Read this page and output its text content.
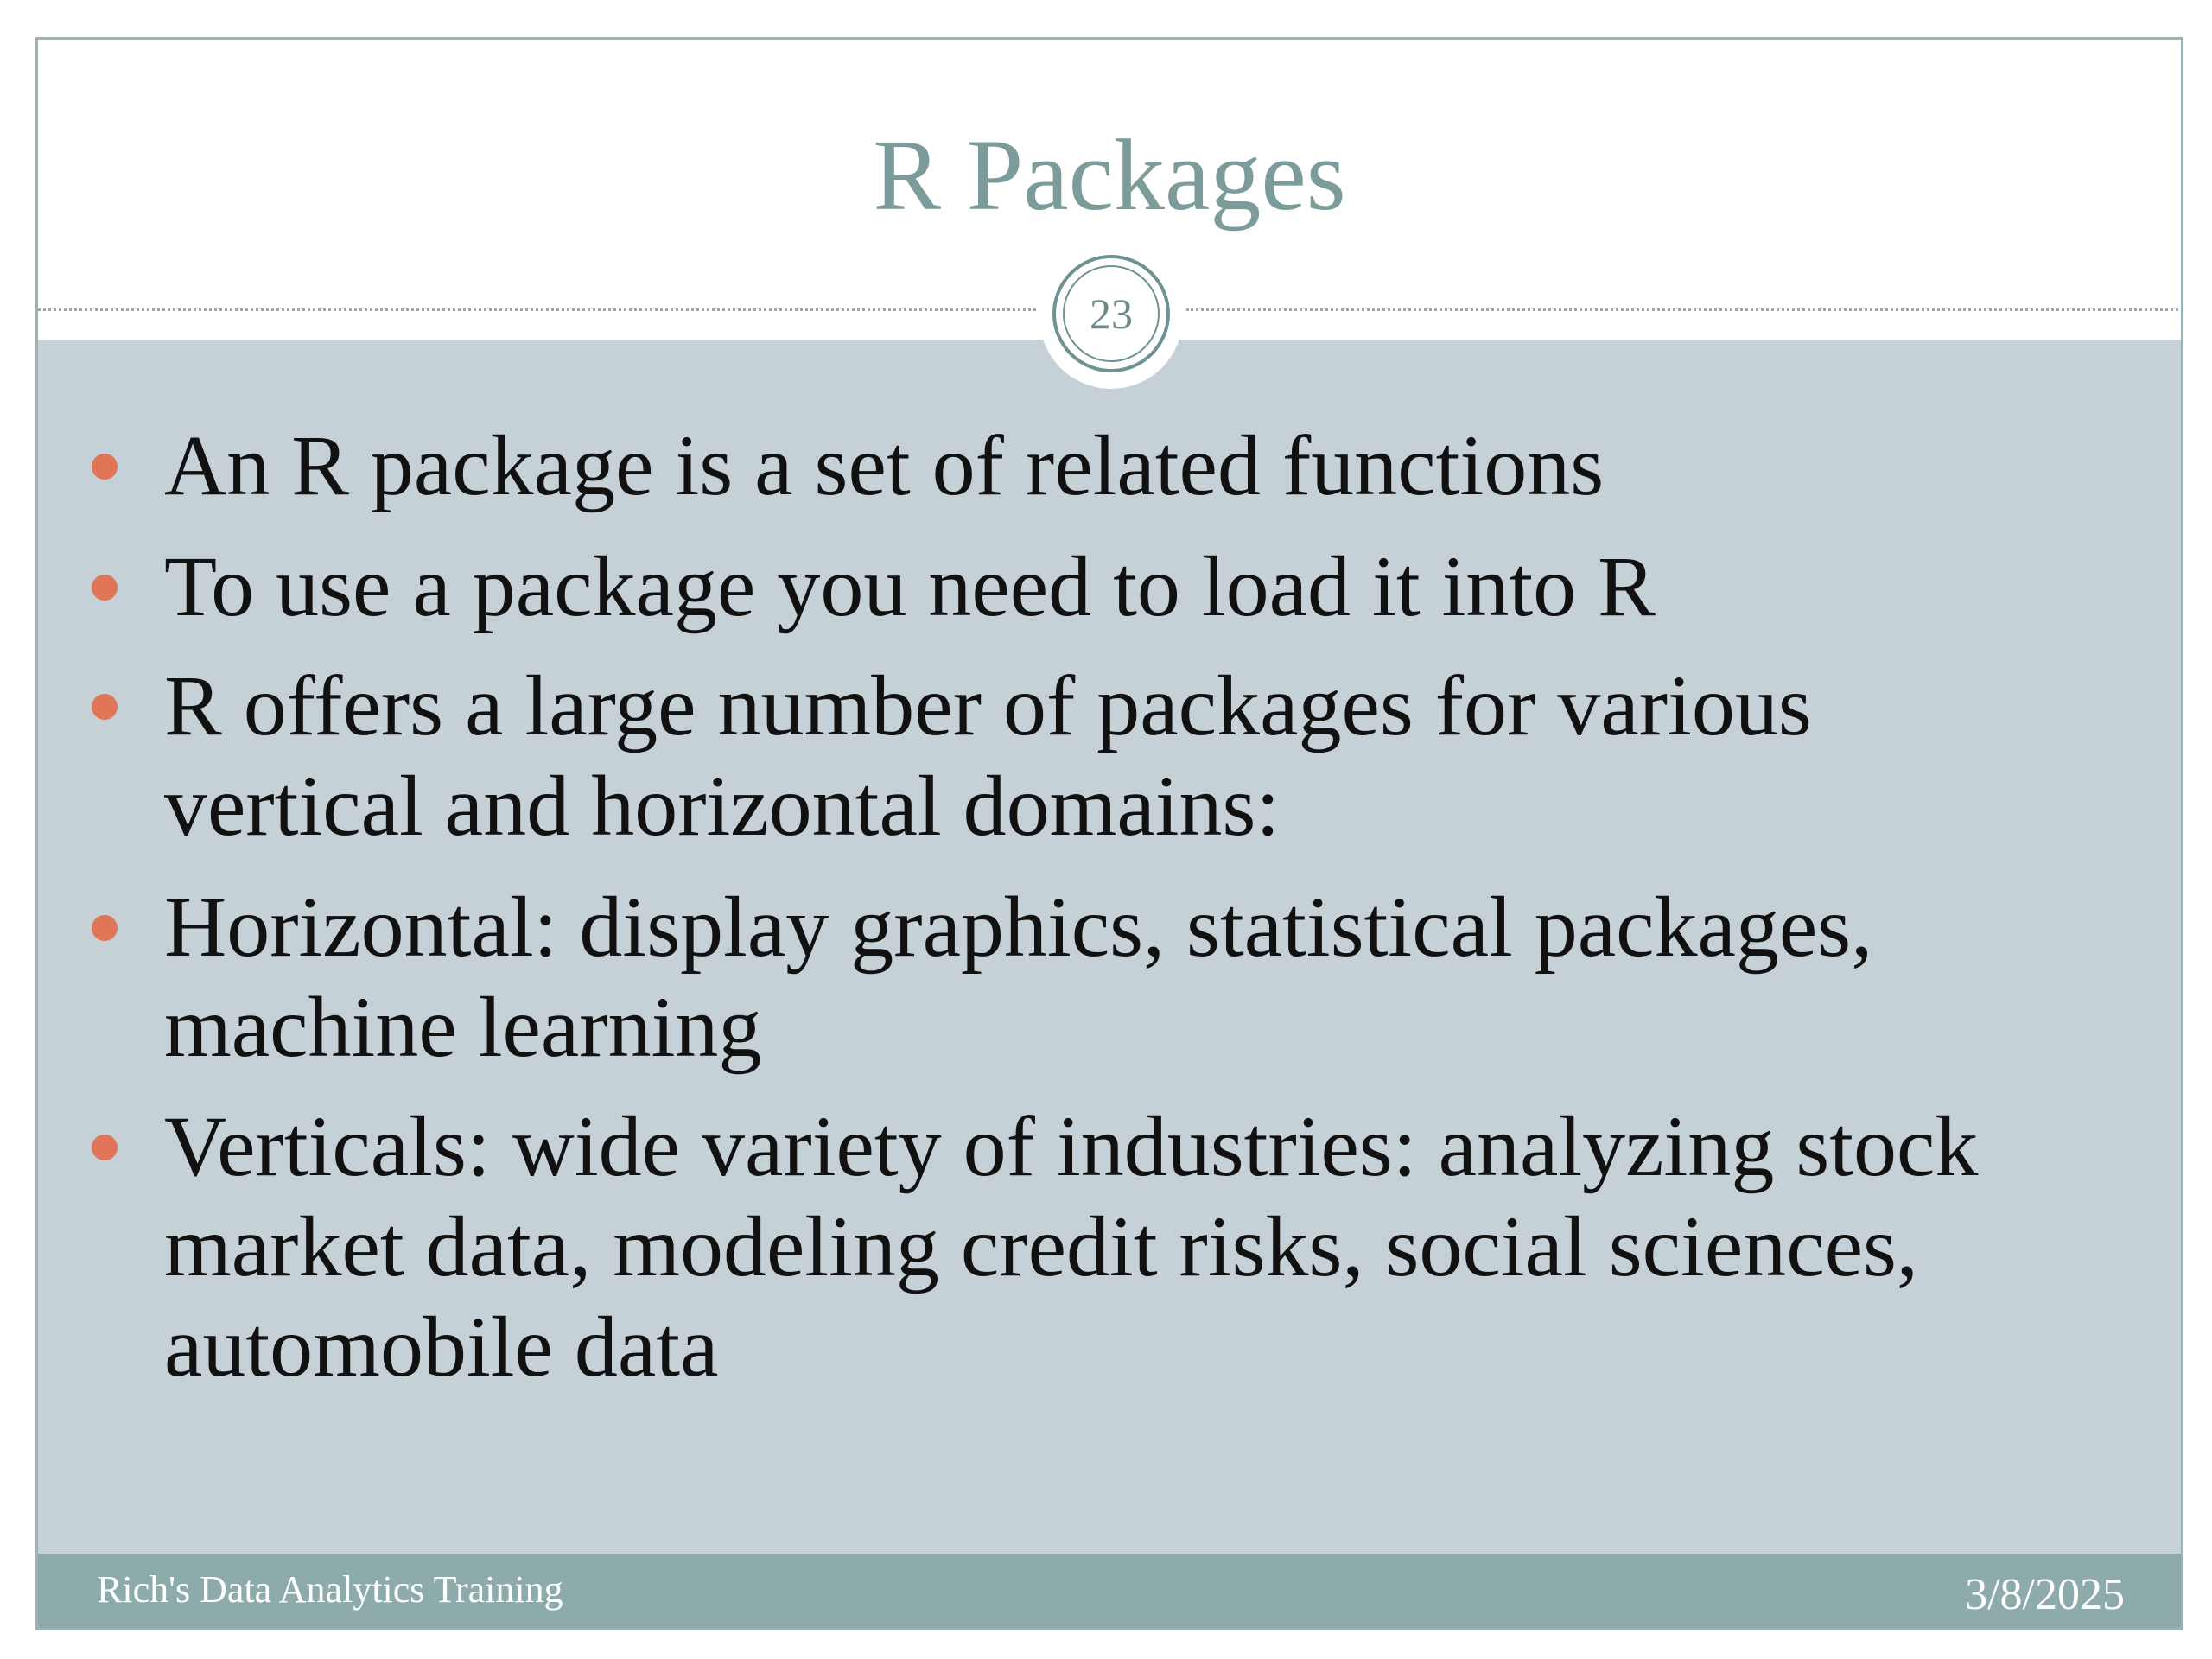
R Packages
23
An R package is a set of related functions
To use a package you need to load it into R
R offers a large number of packages for various vertical and horizontal domains:
Horizontal: display graphics, statistical packages, machine learning
Verticals: wide variety of industries: analyzing stock market data, modeling credit risks, social sciences, automobile data
Rich's Data Analytics Training	3/8/2025
